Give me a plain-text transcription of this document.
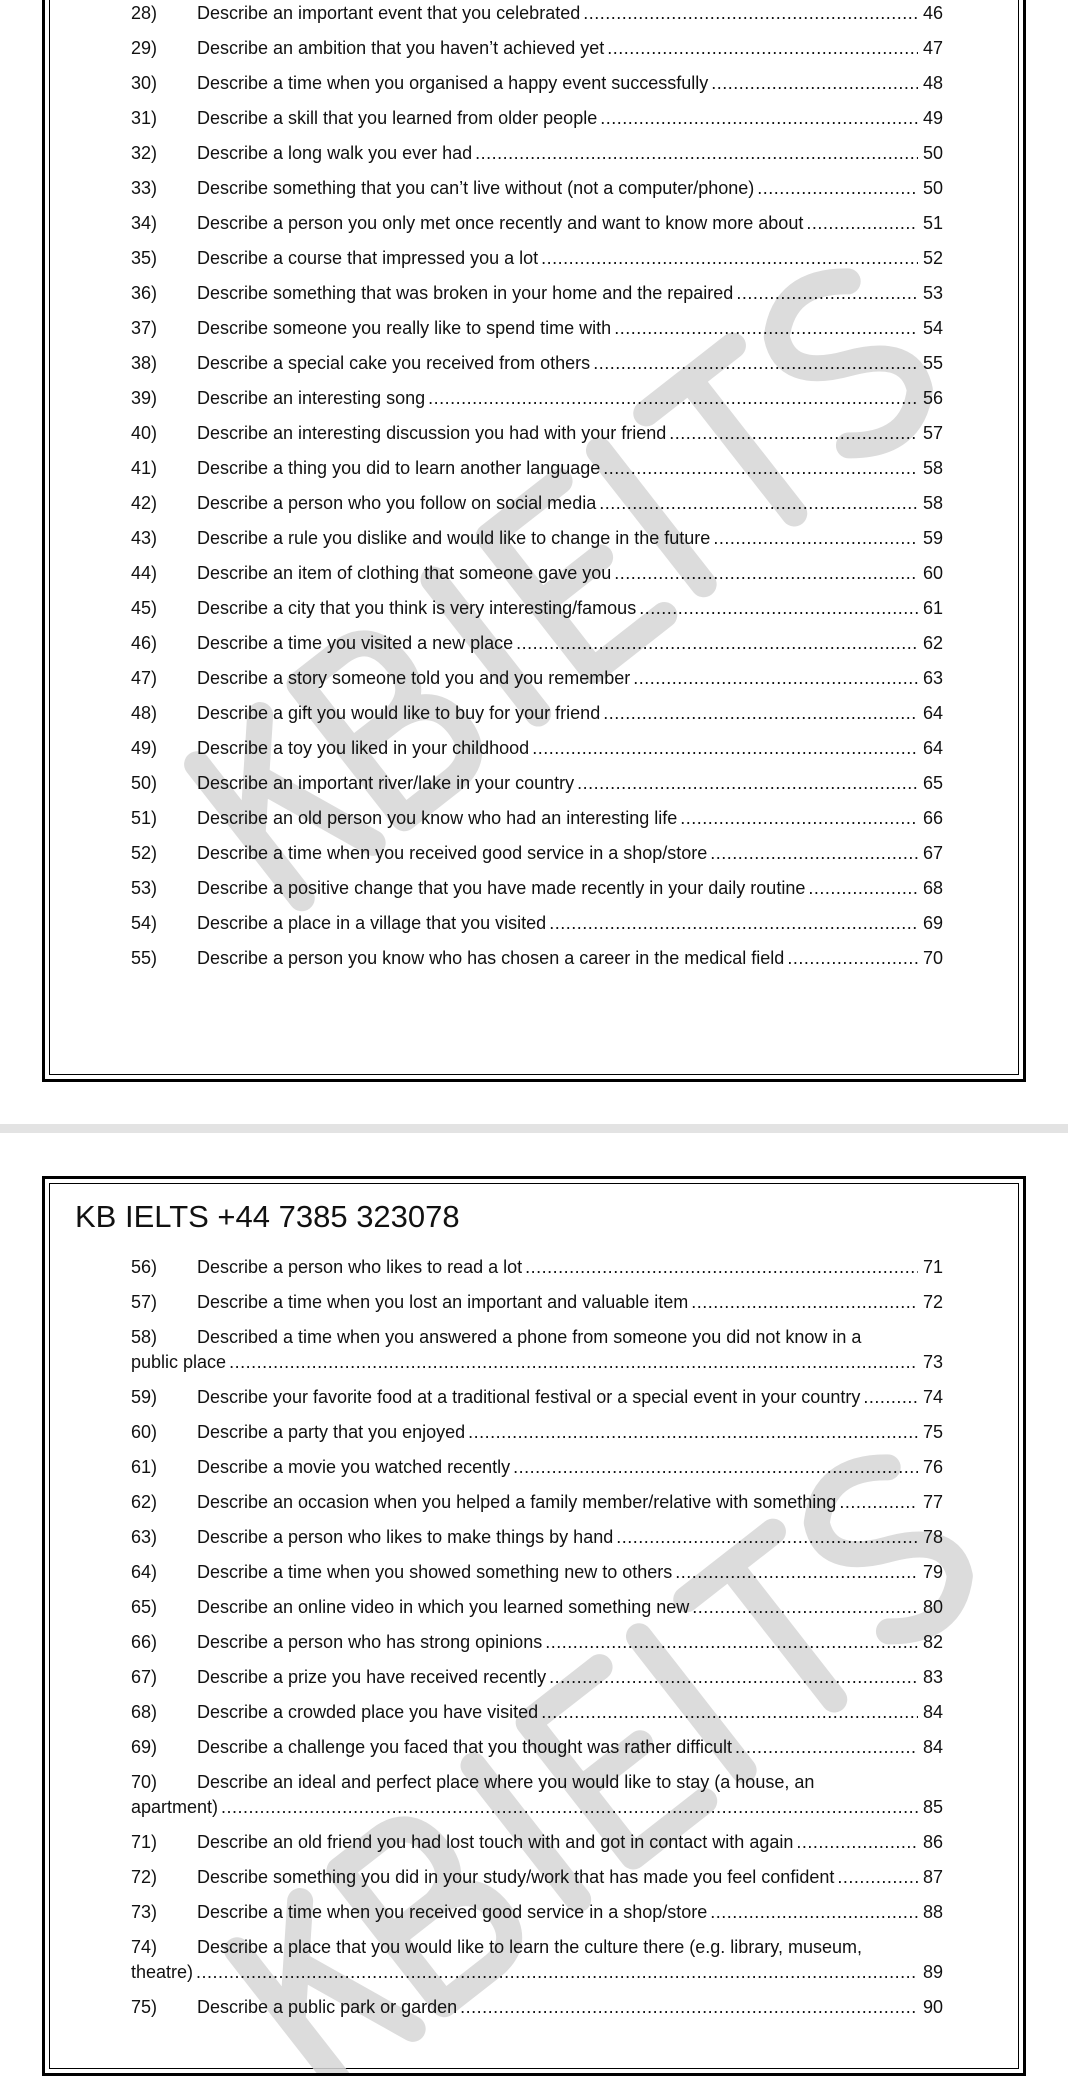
28)	Describe an important event that you celebrated .....	46
29)	Describe an ambition that you haven’t achieved yet .....	47
30)	Describe a time when you organised a happy event successfully .....	48
31)	Describe a skill that you learned from older people .....	49
32)	Describe a long walk you ever had .....	50
33)	Describe something that you can’t live without (not a computer/phone) .....	50
34)	Describe a person you only met once recently and want to know more about .....	51
35)	Describe a course that impressed you a lot .....	52
36)	Describe something that was broken in your home and the repaired .....	53
37)	Describe someone you really like to spend time with .....	54
38)	Describe a special cake you received from others .....	55
39)	Describe an interesting song .....	56
40)	Describe an interesting discussion you had with your friend .....	57
41)	Describe a thing you did to learn another language .....	58
42)	Describe a person who you follow on social media .....	58
43)	Describe a rule you dislike and would like to change in the future .....	59
44)	Describe an item of clothing that someone gave you .....	60
45)	Describe a city that you think is very interesting/famous .....	61
46)	Describe a time you visited a new place .....	62
47)	Describe a story someone told you and you remember .....	63
48)	Describe a gift you would like to buy for your friend .....	64
49)	Describe a toy you liked in your childhood .....	64
50)	Describe an important river/lake in your country .....	65
51)	Describe an old person you know who had an interesting life .....	66
52)	Describe a time when you received good service in a shop/store .....	67
53)	Describe a positive change that you have made recently in your daily routine .....	68
54)	Describe a place in a village that you visited .....	69
55)	Describe a person you know who has chosen a career in the medical field .....	70
KB IELTS +44 7385 323078
56)	Describe a person who likes to read a lot .....	71
57)	Describe a time when you lost an important and valuable item .....	72
58) Described a time when you answered a phone from someone you did not know in a
public place .....	73
59)	Describe your favorite food at a traditional festival or a special event in your country .....	74
60)	Describe a party that you enjoyed .....	75
61)	Describe a movie you watched recently .....	76
62)	Describe an occasion when you helped a family member/relative with something .....	77
63)	Describe a person who likes to make things by hand .....	78
64)	Describe a time when you showed something new to others .....	79
65)	Describe an online video in which you learned something new .....	80
66)	Describe a person who has strong opinions .....	82
67)	Describe a prize you have received recently .....	83
68)	Describe a crowded place you have visited .....	84
69)	Describe a challenge you faced that you thought was rather difficult .....	84
70) Describe an ideal and perfect place where you would like to stay (a house, an
apartment) .....	85
71)	Describe an old friend you had lost touch with and got in contact with again .....	86
72)	Describe something you did in your study/work that has made you feel confident .....	87
73)	Describe a time when you received good service in a shop/store .....	88
74) Describe a place that you would like to learn the culture there (e.g. library, museum,
theatre) .....	89
75)	Describe a public park or garden .....	90
